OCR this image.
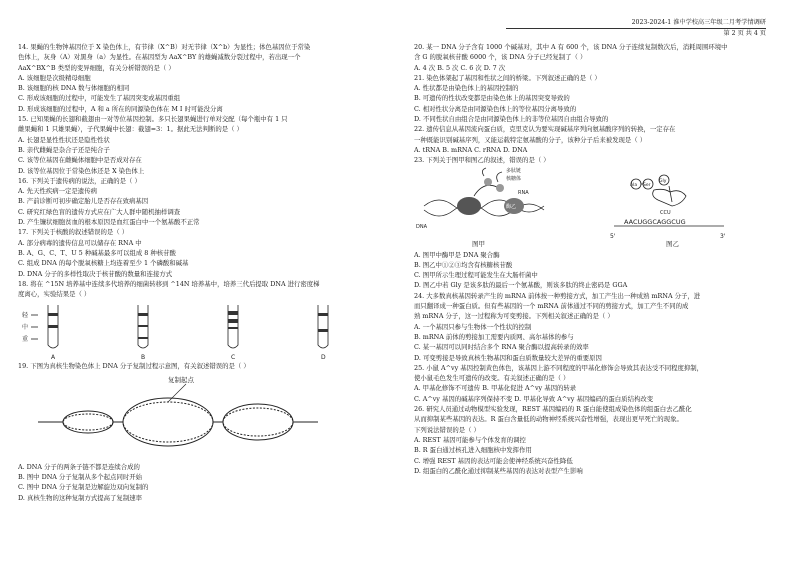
2023-2024-1 淮中学校高三年级二月考学情调研
第 2 页 共 4 页
14. 果蝇的生物钟基因位于 X 染色体上，有节律（X^B）对无节律（X^b）为显性；体色基因位于常染
色体上，灰身（A）对黑身（a）为显性。在基因型为 AaX^BY 的雄蝇减数分裂过程中，若出现一个
AaX^BX^B 类型的变异细胞，有关分析错误的是（ ）
A. 该细胞是次级精母细胞
B. 该细胞的核 DNA 数与体细胞的相同
C. 形成该细胞的过程中，可能发生了基因突变或基因重组
D. 形成该细胞的过程中，A 和 a 所在的同源染色体在 M I 时可能没分离
15. 已知果蝇的长翅和截翅由一对等位基因控制。多只长翅果蝇进行单对交配（每个瓶中有 1 只
雌果蝇和 1 只雄果蝇），子代果蝇中长翅：截翅=3：1。据此无法判断的是（ ）
A. 长翅是显性性状还是隐性性状
B. 亲代雌蝇是杂合子还是纯合子
C. 该等位基因在雌蝇体细胞中是否成对存在
D. 该等位基因位于常染色体还是 X 染色体上
16. 下列关于遗传病的说法，正确的是（ ）
A. 先天性疾病一定是遗传病
B. 产前诊断可初步确定胎儿是否存在致病基因
C. 研究红绿色盲的遗传方式应在广大人群中随机抽样调查
D. 产生镰状细胞贫血的根本原因是血红蛋白中一个氨基酸不正常
17. 下列关于核酸的叙述错误的是（ ）
A. 部分病毒的遗传信息可以储存在 RNA 中
B. A、G、C、T、U 5 种碱基最多可以组成 8 种核苷酸
C. 组成 DNA 的每个脱氧核糖上均连着至少 1 个磷酸和碱基
D. DNA 分子的多样性取决于核苷酸的数量和连接方式
18. 将在 ^15N 培养基中连续多代培养的细菌转移到 ^14N 培养基中，培养三代后提取 DNA 进行密度梯
度离心，实验结果是（ ）
轻
中
重
A	B	C	D
19. 下图为真核生物染色体上 DNA 分子复制过程示意图，有关叙述错误的是（ ）
复制起点
A. DNA 分子的两条子链不都是连续合成的
B. 图中 DNA 分子复制从多个起点同时开始
C. 图中 DNA 分子复制是边解旋边双向复制的
D. 真核生物的这种复制方式提高了复制速率
20. 某一 DNA 分子含有 1000 个碱基对，其中 A 有 600 个，该 DNA 分子连续复制数次后，消耗周围环境中
含 G 的脱氧核苷酸 6000 个，该 DNA 分子已经复制了（ ）
A. 4 次 B. 5 次 C. 6 次 D. 7 次
21. 染色体架起了基因和性状之间的桥梁。下列叙述正确的是（ ）
A. 性状都是由染色体上的基因控制的
B. 可遗传的性状改变都是由染色体上的基因突变导致的
C. 相对性状分离是由同源染色体上的等位基因分离导致的
D. 不同性状自由组合是由同源染色体上的非等位基因自由组合导致的
22. 遗传信息从基因流向蛋白质，克里克认为要实现碱基序列向氨基酸序列的转换，一定存在
一种既能识别碱基序列，又能运载特定氨基酸的分子，该种分子后来被发现是（ ）
A. tRNA B. mRNA C. rRNA D. DNA
23. 下列关于图甲和图乙的叙述，错误的是（ ）
DNA
酶甲
酶乙
RNA
核糖体
多肽链
图甲
Ala Ser
Gly
CCU
AACUGGCAGGCUG
5'	3'
图乙
A. 图甲中酶甲是 DNA 聚合酶
B. 图乙中①②③均含有核糖核苷酸
C. 图甲所示生理过程可能发生在大肠杆菌中
D. 图乙中若 Gly 是该多肽的最后一个氨基酸，则该多肽的终止密码是 GGA
24. 大多数真核基因转录产生的 mRNA 前体按一种剪接方式，加工产生出一种成熟 mRNA 分子，进
而只翻译成一种蛋白质。但有些基因的一个 mRNA 前体通过不同的剪接方式，加工产生不同的成
熟 mRNA 分子，这一过程称为可变剪接。下列相关叙述正确的是（ ）
A. 一个基因只参与生物体一个性状的控制
B. mRNA 前体的剪接加工需要内质网、高尔基体的参与
C. 某一基因可以同时结合多个 RNA 聚合酶以提高转录的效率
D. 可变剪接是导致真核生物基因和蛋白质数量较大差异的重要原因
25. 小鼠 A^vy 基因控制黄色体色，该基因上游不同程度的甲基化修饰会导致其表达受不同程度抑制，
使小鼠毛色发生可遗传的改变。有关叙述正确的是（ ）
A. 甲基化修饰不可遗传 B. 甲基化促进 A^vy 基因的转录
C. A^vy 基因的碱基序列保持不变 D. 甲基化导致 A^vy 基因编码的蛋白质结构改变
26. 研究人员通过动物模型实验发现，REST 基因编码的 R 蛋白能使组成染色体的组蛋白去乙酰化
从而抑制某些基因的表达。R 蛋白含量低的动物神经系统兴奋性增强，表现出更早死亡的现象。
下列说法错误的是（ ）
A. REST 基因可能参与个体发育的调控
B. R 蛋白通过核孔进入细胞核中发挥作用
C. 增强 REST 基因的表达可能会使神经系统兴奋性降低
D. 组蛋白的乙酰化通过抑制某些基因的表达对表型产生影响
